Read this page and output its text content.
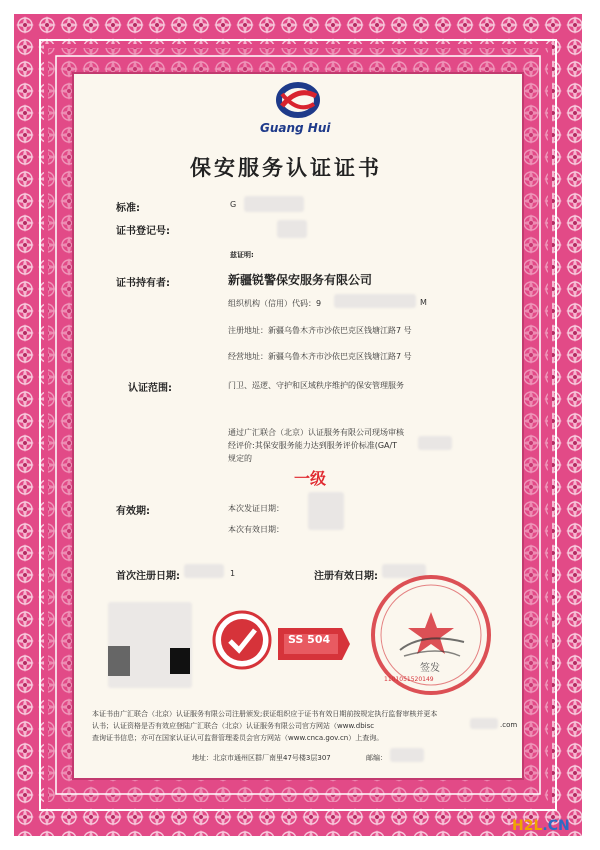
Guang Hui
保安服务认证证书
标准:	G
证书登记号:
兹证明:
证书持有者:	新疆锐警保安服务有限公司
组织机构（信用）代码：9	M
注册地址：新疆乌鲁木齐市沙依巴克区钱塘江路7 号
经营地址：新疆乌鲁木齐市沙依巴克区钱塘江路7 号
认证范围:	门卫、巡逻、守护和区域秩序维护的保安管理服务
通过广汇联合（北京）认证服务有限公司现场审核
经评价:其保安服务能力达到服务评价标准(GA/T
规定的
一级
有效期:	本次发证日期：
本次有效日期：
首次注册日期:	1	注册有效日期:
SS 504
签发
1101051520149
本证书由广汇联合（北京）认证服务有限公司注册颁发;获证组织应于证书有效日期前按规定执行监督审核并更本
认书；认证资格是否有效应登陆广汇联合（北京）认证服务有限公司官方网站（www.dbisc	.com
查询证书信息；亦可在国家认证认可监督管理委员会官方网站（www.cnca.gov.cn）上查询。
地址：北京市通州区群厂南里47号楼3层307	邮编：
H2L.CN
